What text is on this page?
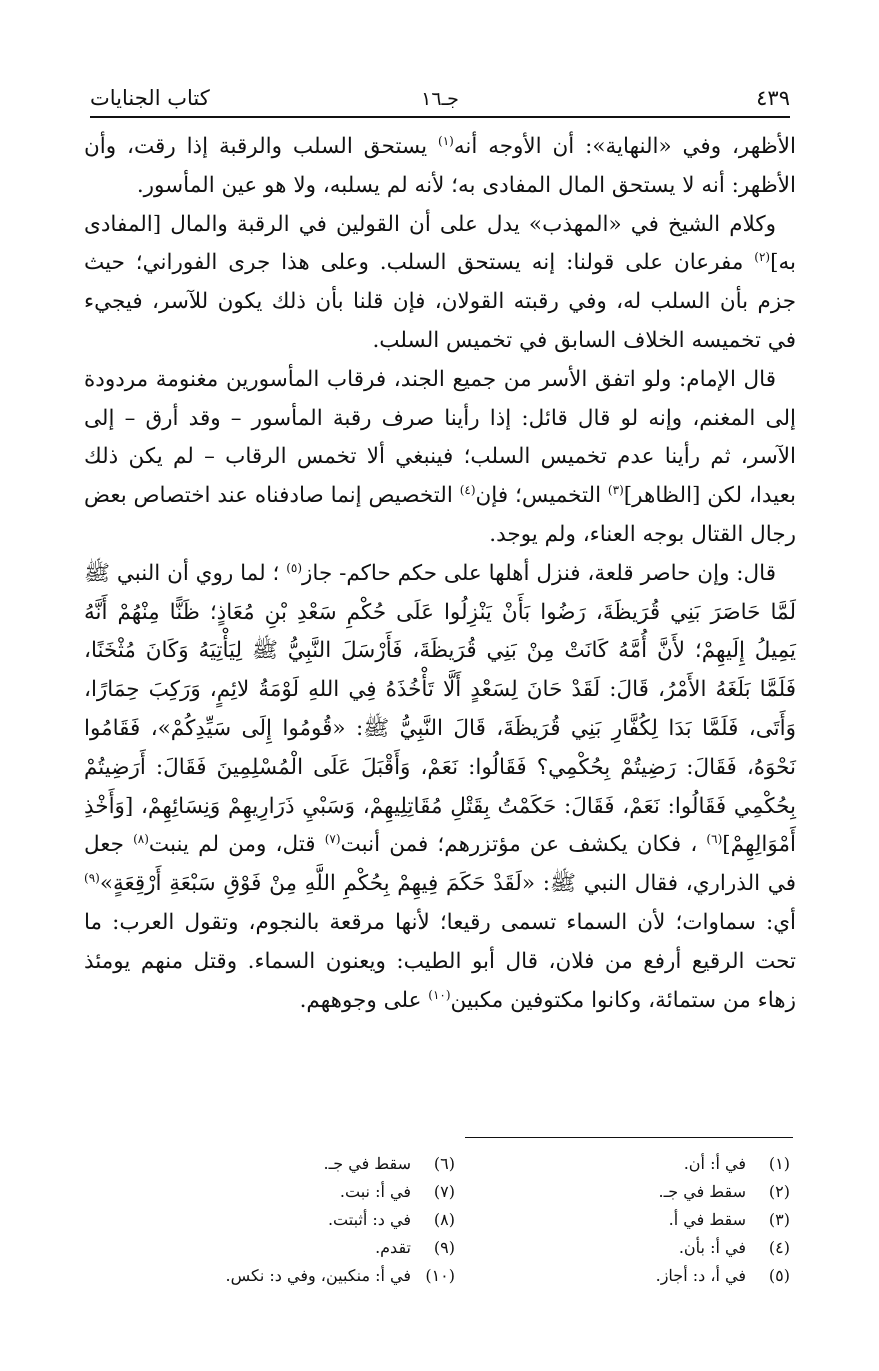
٤٣٩
جـ١٦
كتاب الجنايات

الأظهر، وفي «النهاية»: أن الأوجه أنه$^{(١)}$ يستحق السلب والرقبة إذا رقت، وأن الأظهر: أنه لا يستحق المال المفادى به؛ لأنه لم يسلبه، ولا هو عين المأسور.

وكلام الشيخ في «المهذب» يدل على أن القولين في الرقبة والمال [المفادى به]$^{(٢)}$ مفرعان على قولنا: إنه يستحق السلب. وعلى هذا جرى الفوراني؛ حيث جزم بأن السلب له، وفي رقبته القولان، فإن قلنا بأن ذلك يكون للآسر، فيجيء في تخميسه الخلاف السابق في تخميس السلب.

قال الإمام: ولو اتفق الأسر من جميع الجند، فرقاب المأسورين مغنومة مردودة إلى المغنم، وإنه لو قال قائل: إذا رأينا صرف رقبة المأسور – وقد أرق – إلى الآسر، ثم رأينا عدم تخميس السلب؛ فينبغي ألا تخمس الرقاب – لم يكن ذلك بعيدا، لكن [الظاهر]$^{(٣)}$ التخميس؛ فإن$^{(٤)}$ التخصيص إنما صادفناه عند اختصاص بعض رجال القتال بوجه العناء، ولم يوجد.

قال: وإن حاصر قلعة، فنزل أهلها على حكم حاكم- جاز$^{(٥)}$ ؛ لما روي أن النبي ﷺ لَمَّا حَاصَرَ بَنِي قُرَيظَةَ، رَضُوا بَأَنْ يَنْزِلُوا عَلَى حُكْمِ سَعْدِ بْنِ مُعَاذٍ؛ ظَنًّا مِنْهُمْ أَنَّهُ يَمِيلُ إِلَيهِمْ؛ لأَنَّ أُمَّهُ كَانَتْ مِنْ بَنِي قُرَيظَةَ، فَأَرْسَلَ النَّبِيُّ ﷺ لِيَأْتِيَهُ وَكَانَ مُثْخَنًا، فَلَمَّا بَلَغَهُ الأَمْرُ، قَالَ: لَقَدْ حَانَ لِسَعْدٍ أَلَّا تَأْخُذَهُ فِي اللهِ لَوْمَةُ لائِمٍ، وَرَكِبَ حِمَارًا، وَأَتَى، فَلَمَّا بَدَا لِكُفَّارِ بَنِي قُرَيظَةَ، قَالَ النَّبِيُّ ﷺ: «قُومُوا إِلَى سَيِّدِكُمْ»، فَقَامُوا نَحْوَهُ، فَقَالَ: رَضِيتُمْ بِحُكْمِي؟ فَقَالُوا: نَعَمْ، وَأَقْبَلَ عَلَى الْمُسْلِمِينَ فَقَالَ: أَرَضِيتُمْ بِحُكْمِي فَقَالُوا: نَعَمْ، فَقَالَ: حَكَمْتُ بِقَتْلِ مُقَاتِلِيهِمْ، وَسَبْيِ ذَرَارِيهِمْ وَنِسَائِهِمْ، [وَأَخْذِ أَمْوَالِهِمْ]$^{(٦)}$ ، فكان يكشف عن مؤتزرهم؛ فمن أنبت$^{(٧)}$ قتل، ومن لم ينبت$^{(٨)}$ جعل في الذراري، فقال النبي ﷺ: «لَقَدْ حَكَمَ فِيهِمْ بِحُكْمِ اللَّهِ مِنْ فَوْقِ سَبْعَةِ أَرْقِعَةٍ»$^{(٩)}$ أي: سماوات؛ لأن السماء تسمى رقيعا؛ لأنها مرقعة بالنجوم، وتقول العرب: ما تحت الرقيع أرفع من فلان، قال أبو الطيب: ويعنون السماء. وقتل منهم يومئذ زهاء من ستمائة، وكانوا مكتوفين مكبين$^{(١٠)}$ على وجوههم.

(١)في أ: أن.
(٢)سقط في جـ.
(٣)سقط في أ.
(٤)في أ: بأن.
(٥)في أ، د: أجاز.
(٦)سقط في جـ.
(٧)في أ: نبت.
(٨)في د: أثبتت.
(٩)تقدم.
(١٠)في أ: منكبين، وفي د: نكس.
